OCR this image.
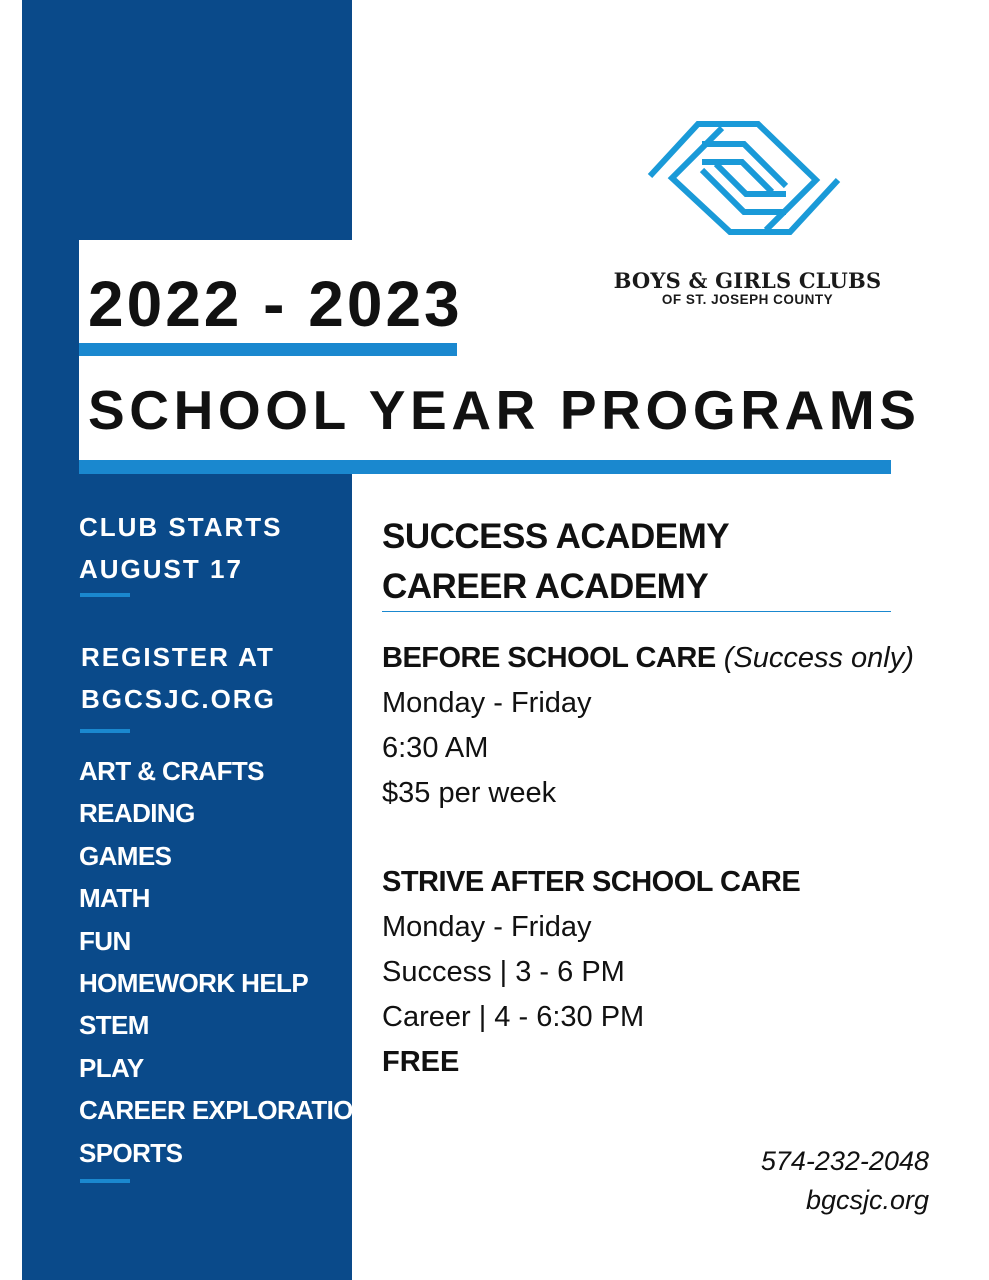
BOYS & GIRLS CLUBS
OF ST. JOSEPH COUNTY
2022 - 2023
SCHOOL YEAR PROGRAMS
CLUB STARTS
AUGUST 17
REGISTER AT
BGCSJC.ORG
ART & CRAFTS
READING
GAMES
MATH
FUN
HOMEWORK HELP
STEM
PLAY
CAREER EXPLORATION
SPORTS
SUCCESS ACADEMY
CAREER ACADEMY
BEFORE SCHOOL CARE (Success only)
Monday - Friday
6:30 AM
$35 per week
STRIVE AFTER SCHOOL CARE
Monday - Friday
Success | 3 - 6 PM
Career | 4 - 6:30 PM
FREE
574-232-2048
bgcsjc.org
